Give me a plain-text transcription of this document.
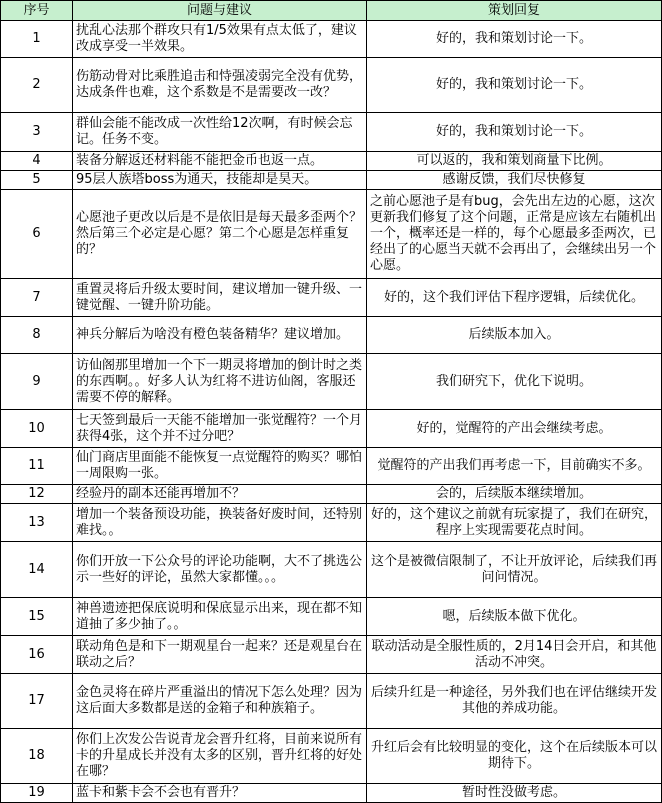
序号	问题与建议	策划回复
1	扰乱心法那个群攻只有1/5效果有点太低了，建议改成享受一半效果。	好的，我和策划讨论一下。
2	伤筋动骨对比乘胜追击和恃强凌弱完全没有优势，达成条件也难，这个系数是不是需要改一改？	好的，我和策划讨论一下。
3	群仙会能不能改成一次性给12次啊，有时候会忘记。任务不变。	好的，我和策划讨论一下。
4	装备分解返还材料能不能把金币也返一点。	可以返的，我和策划商量下比例。
5	95层人族塔boss为通天，技能却是昊天。	感谢反馈，我们尽快修复
6	心愿池子更改以后是不是依旧是每天最多歪两个？然后第三个必定是心愿？第二个心愿是怎样重复的？	之前心愿池子是有bug，会先出左边的心愿，这次更新我们修复了这个问题，正常是应该左右随机出一个，概率还是一样的，每个心愿最多歪两次，已经出了的心愿当天就不会再出了，会继续出另一个心愿。
7	重置灵将后升级太要时间，建议增加一键升级、一键觉醒、一键升阶功能。	好的，这个我们评估下程序逻辑，后续优化。
8	神兵分解后为啥没有橙色装备精华？建议增加。	后续版本加入。
9	访仙阁那里增加一个下一期灵将增加的倒计时之类的东西啊。。好多人认为红将不进访仙阁，客服还需要不停的解释。	我们研究下，优化下说明。
10	七天签到最后一天能不能增加一张觉醒符？一个月获得4张，这个并不过分吧？	好的，觉醒符的产出会继续考虑。
11	仙门商店里面能不能恢复一点觉醒符的购买？哪怕一周限购一张。	觉醒符的产出我们再考虑一下，目前确实不多。
12	经验丹的副本还能再增加不？	会的，后续版本继续增加。
13	增加一个装备预设功能，换装备好废时间，还特别难找。。	好的，这个建议之前就有玩家提了，我们在研究，程序上实现需要花点时间。
14	你们开放一下公众号的评论功能啊，大不了挑选公示一些好的评论，虽然大家都懂。。。	这个是被微信限制了，不让开放评论，后续我们再问问情况。
15	神兽遗迹把保底说明和保底显示出来，现在都不知道抽了多少抽了。。	嗯，后续版本做下优化。
16	联动角色是和下一期观星台一起来？还是观星台在联动之后？	联动活动是全服性质的，2月14日会开启，和其他活动不冲突。
17	金色灵将在碎片严重溢出的情况下怎么处理？因为这后面大多数都是送的金箱子和种族箱子。	后续升红是一种途径，另外我们也在评估继续开发其他的养成功能。
18	你们上次发公告说青龙会晋升红将，目前来说所有卡的升星成长并没有太多的区别，晋升红将的好处在哪？	升红后会有比较明显的变化，这个在后续版本可以期待下。
19	蓝卡和紫卡会不会也有晋升？	暂时性没做考虑。
